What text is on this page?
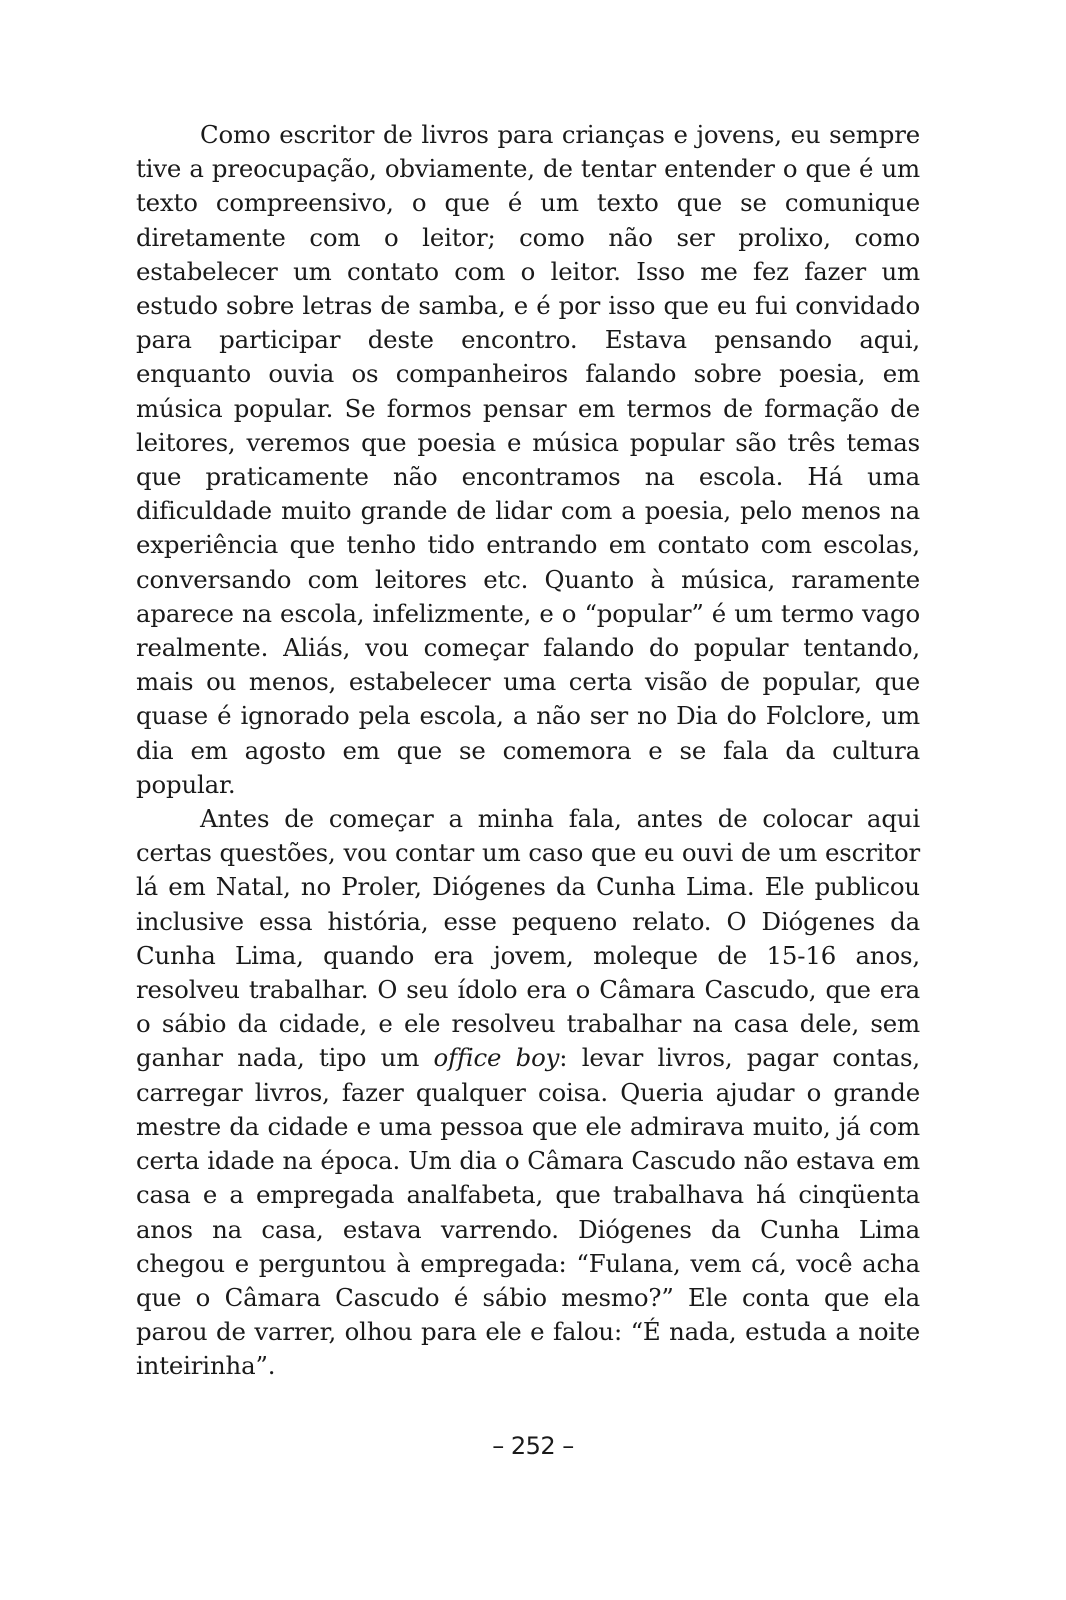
Como escritor de livros para crianças e jovens, eu sempre tive a preocupação, obviamente, de tentar entender o que é um texto compreensivo, o que é um texto que se comunique diretamente com o leitor; como não ser prolixo, como estabelecer um contato com o leitor. Isso me fez fazer um estudo sobre letras de samba, e é por isso que eu fui convidado para participar deste encontro. Estava pensando aqui, enquanto ouvia os companheiros falando sobre poesia, em música popular. Se formos pensar em termos de formação de leitores, veremos que poesia e música popular são três temas que praticamente não encontramos na escola. Há uma dificuldade muito grande de lidar com a poesia, pelo menos na experiência que tenho tido entrando em contato com escolas, conversando com leitores etc. Quanto à música, raramente aparece na escola, infelizmente, e o “popular” é um termo vago realmente. Aliás, vou começar falando do popular tentando, mais ou menos, estabelecer uma certa visão de popular, que quase é ignorado pela escola, a não ser no Dia do Folclore, um dia em agosto em que se comemora e se fala da cultura popular.

Antes de começar a minha fala, antes de colocar aqui certas questões, vou contar um caso que eu ouvi de um escritor lá em Natal, no Proler, Diógenes da Cunha Lima. Ele publicou inclusive essa história, esse pequeno relato. O Diógenes da Cunha Lima, quando era jovem, moleque de 15-16 anos, resolveu trabalhar. O seu ídolo era o Câmara Cascudo, que era o sábio da cidade, e ele resolveu trabalhar na casa dele, sem ganhar nada, tipo um office boy: levar livros, pagar contas, carregar livros, fazer qualquer coisa. Queria ajudar o grande mestre da cidade e uma pessoa que ele admirava muito, já com certa idade na época. Um dia o Câmara Cascudo não estava em casa e a empregada analfabeta, que trabalhava há cinqüenta anos na casa, estava varrendo. Diógenes da Cunha Lima chegou e perguntou à empregada: “Fulana, vem cá, você acha que o Câmara Cascudo é sábio mesmo?” Ele conta que ela parou de varrer, olhou para ele e falou: “É nada, estuda a noite inteirinha”.

– 252 –
